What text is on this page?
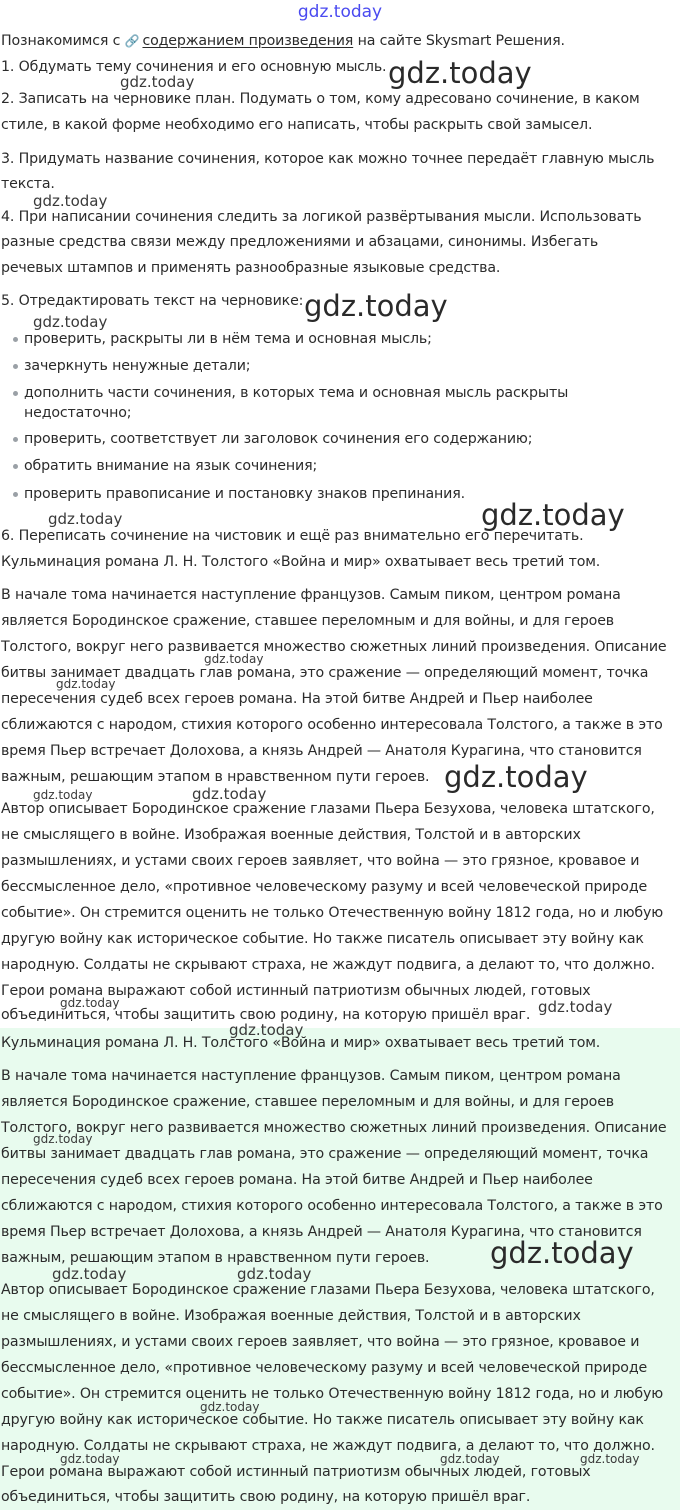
gdz.today
Познакомимся с 🔗 содержанием произведения на сайте Skysmart Решения.
1. Обдумать тему сочинения и его основную мысль.
2. Записать на черновике план. Подумать о том, кому адресовано сочинение, в каком
стиле, в какой форме необходимо его написать, чтобы раскрыть свой замысел.
3. Придумать название сочинения, которое как можно точнее передаёт главную мысль
текста.
4. При написании сочинения следить за логикой развёртывания мысли. Использовать
разные средства связи между предложениями и абзацами, синонимы. Избегать
речевых штампов и применять разнообразные языковые средства.
5. Отредактировать текст на черновике:
проверить, раскрыты ли в нём тема и основная мысль;
зачеркнуть ненужные детали;
дополнить части сочинения, в которых тема и основная мысль раскрыты
недостаточно;
проверить, соответствует ли заголовок сочинения его содержанию;
обратить внимание на язык сочинения;
проверить правописание и постановку знаков препинания.
6. Переписать сочинение на чистовик и ещё раз внимательно его перечитать.
Кульминация романа Л. Н. Толстого «Война и мир» охватывает весь третий том.
В начале тома начинается наступление французов. Самым пиком, центром романа
является Бородинское сражение, ставшее переломным и для войны, и для героев
Толстого, вокруг него развивается множество сюжетных линий произведения. Описание
битвы занимает двадцать глав романа, это сражение — определяющий момент, точка
пересечения судеб всех героев романа. На этой битве Андрей и Пьер наиболее
сближаются с народом, стихия которого особенно интересовала Толстого, а также в это
время Пьер встречает Долохова, а князь Андрей — Анатоля Курагина, что становится
важным, решающим этапом в нравственном пути героев.
Автор описывает Бородинское сражение глазами Пьера Безухова, человека штатского,
не смыслящего в войне. Изображая военные действия, Толстой и в авторских
размышлениях, и устами своих героев заявляет, что война — это грязное, кровавое и
бессмысленное дело, «противное человеческому разуму и всей человеческой природе
событие». Он стремится оценить не только Отечественную войну 1812 года, но и любую
другую войну как историческое событие. Но также писатель описывает эту войну как
народную. Солдаты не скрывают страха, не жаждут подвига, а делают то, что должно.
Герои романа выражают собой истинный патриотизм обычных людей, готовых
объединиться, чтобы защитить свою родину, на которую пришёл враг.
Кульминация романа Л. Н. Толстого «Война и мир» охватывает весь третий том.
В начале тома начинается наступление французов. Самым пиком, центром романа
является Бородинское сражение, ставшее переломным и для войны, и для героев
Толстого, вокруг него развивается множество сюжетных линий произведения. Описание
битвы занимает двадцать глав романа, это сражение — определяющий момент, точка
пересечения судеб всех героев романа. На этой битве Андрей и Пьер наиболее
сближаются с народом, стихия которого особенно интересовала Толстого, а также в это
время Пьер встречает Долохова, а князь Андрей — Анатоля Курагина, что становится
важным, решающим этапом в нравственном пути героев.
Автор описывает Бородинское сражение глазами Пьера Безухова, человека штатского,
не смыслящего в войне. Изображая военные действия, Толстой и в авторских
размышлениях, и устами своих героев заявляет, что война — это грязное, кровавое и
бессмысленное дело, «противное человеческому разуму и всей человеческой природе
событие». Он стремится оценить не только Отечественную войну 1812 года, но и любую
другую войну как историческое событие. Но также писатель описывает эту войну как
народную. Солдаты не скрывают страха, не жаждут подвига, а делают то, что должно.
Герои романа выражают собой истинный патриотизм обычных людей, готовых
объединиться, чтобы защитить свою родину, на которую пришёл враг.
gdz.today	gdz.today
gdz.today
gdz.today
gdz.today
gdz.today	gdz.today
gdz.today
gdz.today
gdz.today
gdz.today	gdz.today
gdz.today	gdz.today
gdz.today
gdz.today
gdz.today
gdz.today	gdz.today
gdz.today
gdz.today	gdz.today	gdz.today
